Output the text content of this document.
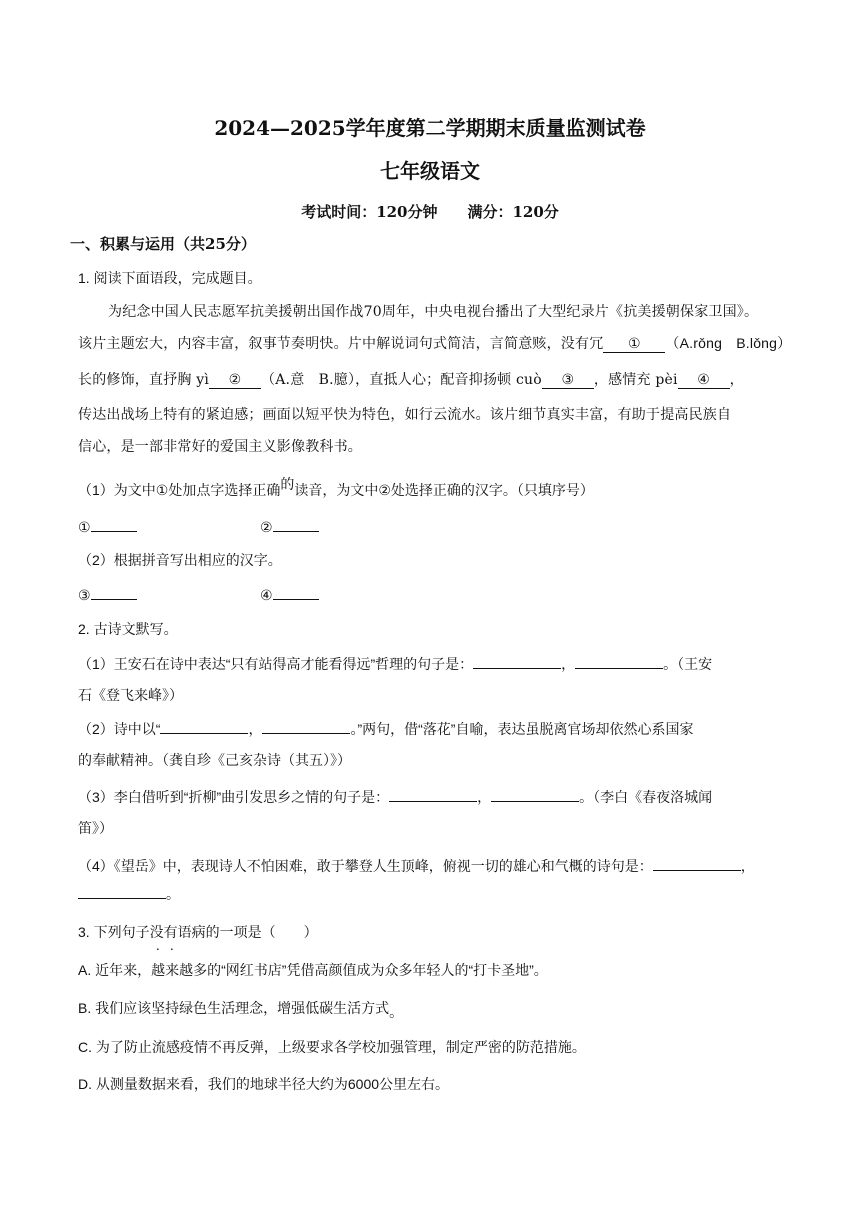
2024—2025学年度第二学期期末质量监测试卷
七年级语文
考试时间：120分钟　　满分：120分
一、积累与运用（共25分）
1. 阅读下面语段，完成题目。
为纪念中国人民志愿军抗美援朝出国作战70周年，中央电视台播出了大型纪录片《抗美援朝保家卫国》。
该片主题宏大，内容丰富，叙事节奏明快。片中解说词句式简洁，言简意赅，没有冗 ① （A.rǒng　B.lǒng）
长的修饰，直抒胸 yì ② （A.意　B.臆），直抵人心；配音抑扬顿 cuò ③ ，感情充 pèi ④ ，
传达出战场上特有的紧迫感；画面以短平快为特色，如行云流水。该片细节真实丰富，有助于提高民族自
信心，是一部非常好的爱国主义影像教科书。
（1）为文中①处加点字选择正确的读音，为文中②处选择正确的汉字。（只填序号）
①	②
（2）根据拼音写出相应的汉字。
③	④
2. 古诗文默写。
（1）王安石在诗中表达“只有站得高才能看得远”哲理的句子是：	，	。（王安
石《登飞来峰》）
（2）诗中以“	，	。”两句，借“落花”自喻，表达虽脱离官场却依然心系国家
的奉献精神。（龚自珍《己亥杂诗（其五）》）
（3）李白借听到“折柳”曲引发思乡之情的句子是：	，	。（李白《春夜洛城闻
笛》）
（4）《望岳》中，表现诗人不怕困难，敢于攀登人生顶峰，俯视一切的雄心和气概的诗句是：	，
。
3. 下列句子没有语病的一项是（　　）
A. 近年来，越来越多的“网红书店”凭借高颜值成为众多年轻人的“打卡圣地”。
B. 我们应该坚持绿色生活理念，增强低碳生活方式。
C. 为了防止流感疫情不再反弹，上级要求各学校加强管理，制定严密的防范措施。
D. 从测量数据来看，我们的地球半径大约为6000公里左右。
